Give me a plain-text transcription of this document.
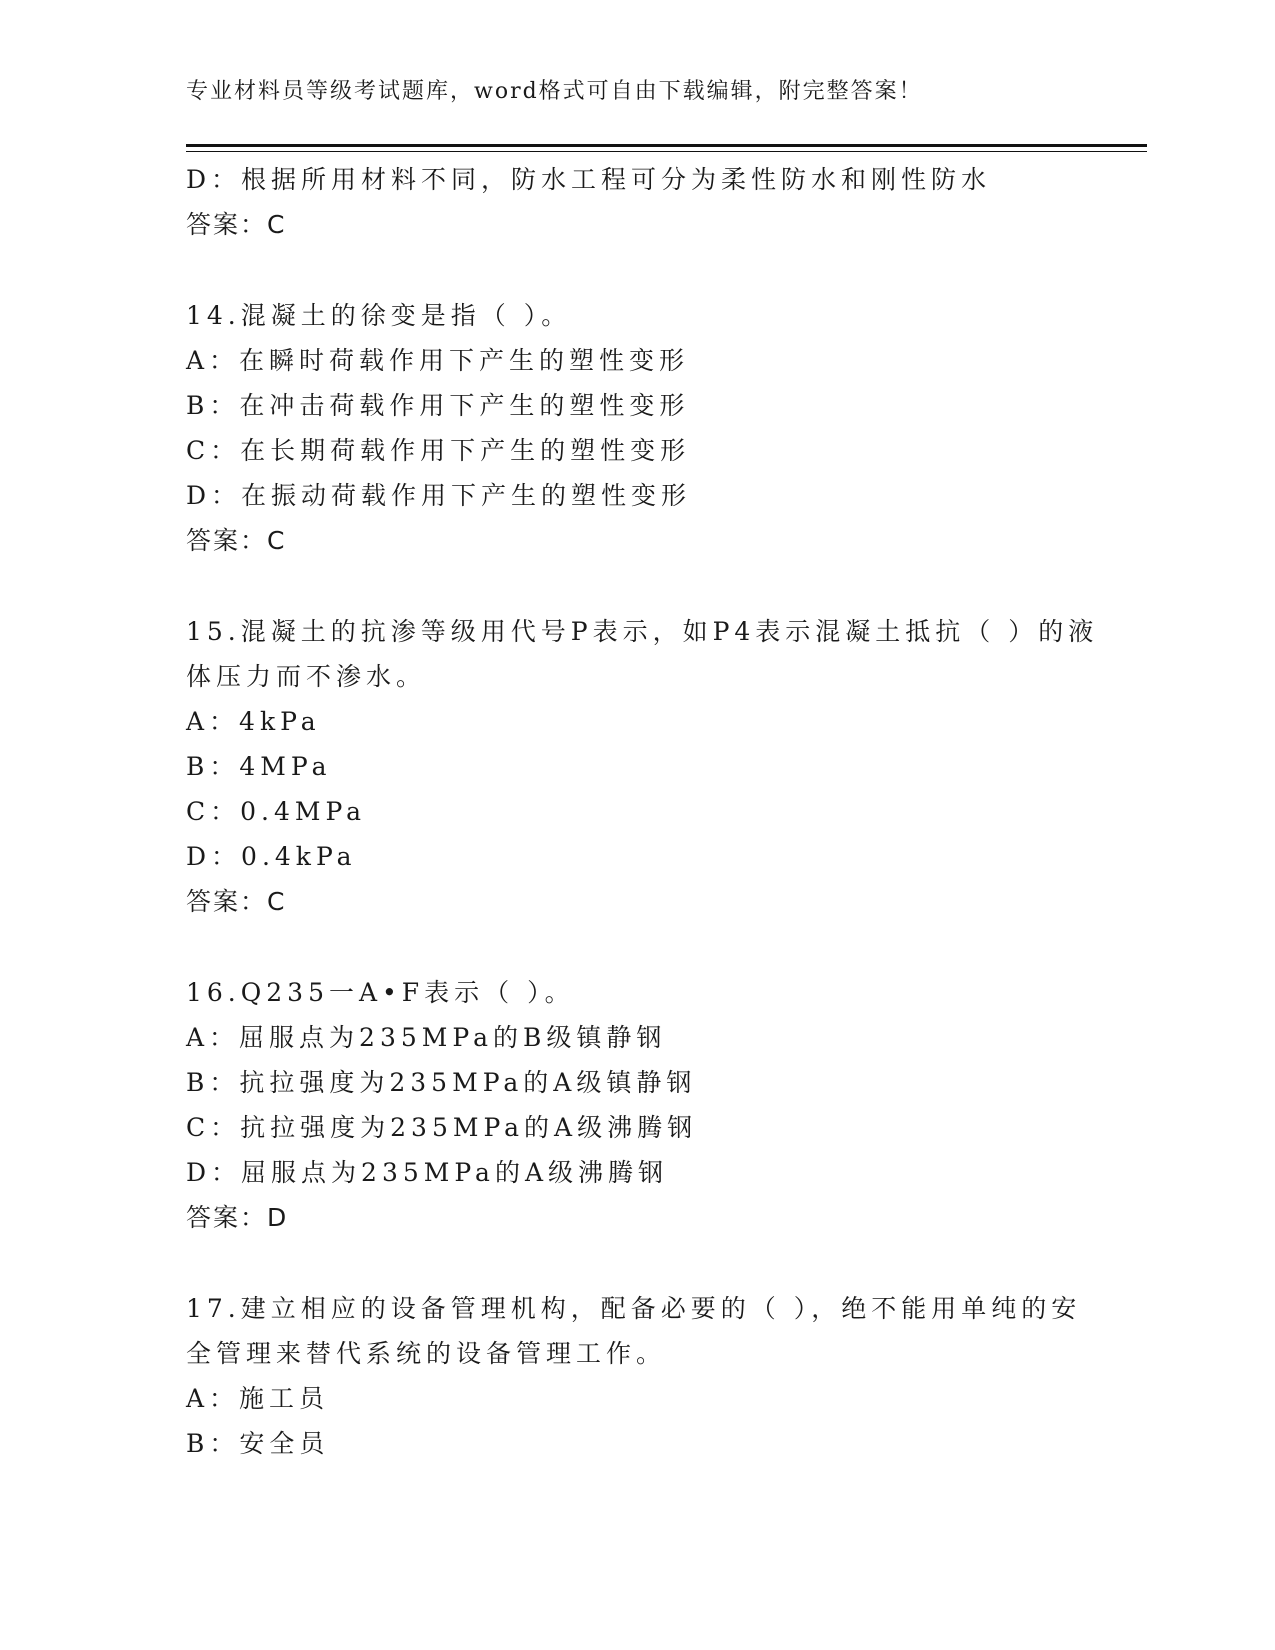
专业材料员等级考试题库，word格式可自由下载编辑，附完整答案！
D：根据所用材料不同，防水工程可分为柔性防水和刚性防水
答案：C
14.混凝土的徐变是指（ ）。
A：在瞬时荷载作用下产生的塑性变形
B：在冲击荷载作用下产生的塑性变形
C：在长期荷载作用下产生的塑性变形
D：在振动荷载作用下产生的塑性变形
答案：C
15.混凝土的抗渗等级用代号P表示，如P4表示混凝土抵抗（ ）的液
体压力而不渗水。
A：4kPa
B：4MPa
C：0.4MPa
D：0.4kPa
答案：C
16.Q235一A•F表示（ ）。
A：屈服点为235MPa的B级镇静钢
B：抗拉强度为235MPa的A级镇静钢
C：抗拉强度为235MPa的A级沸腾钢
D：屈服点为235MPa的A级沸腾钢
答案：D
17.建立相应的设备管理机构，配备必要的（ ），绝不能用单纯的安
全管理来替代系统的设备管理工作。
A：施工员
B：安全员
